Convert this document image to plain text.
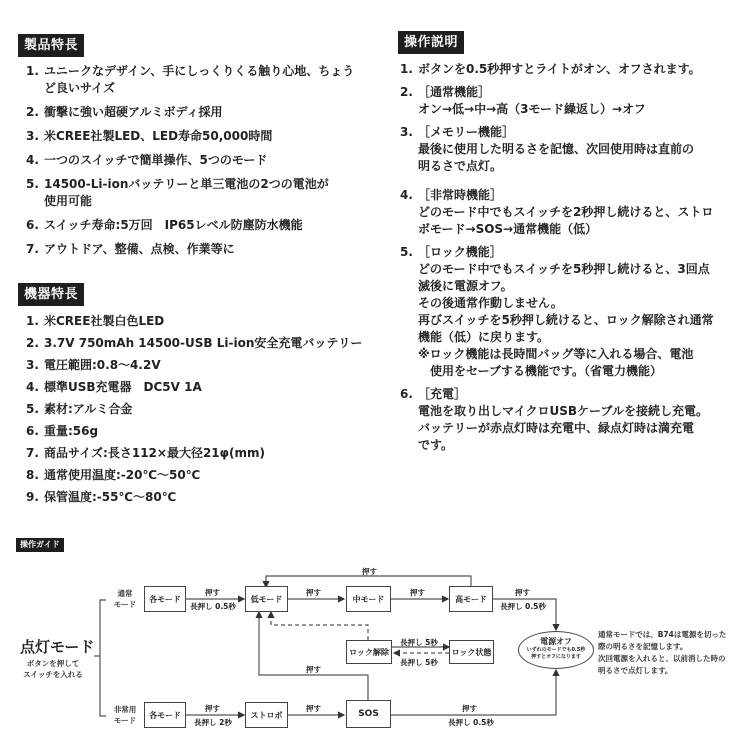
製品特長
1. ユニークなデザイン、手にしっくりくる触り心地、ちょう
ど良いサイズ
2. 衝撃に強い超硬アルミボディ採用
3. 米CREE社製LED、LED寿命50,000時間
4. 一つのスイッチで簡単操作、5つのモード
5. 14500-Li-ionバッテリーと単三電池の2つの電池が
使用可能
6. スイッチ寿命:5万回　IP65レベル防塵防水機能
7. アウトドア、整備、点検、作業等に
機器特長
1. 米CREE社製白色LED
2. 3.7V 750mAh 14500-USB Li-ion安全充電バッテリー
3. 電圧範囲:0.8～4.2V
4. 標準USB充電器　DC5V 1A
5. 素材:アルミ合金
6. 重量:56g
7. 商品サイズ:長さ112×最大径21φ(mm)
8. 通常使用温度:-20℃～50℃
9. 保管温度:-55℃～80℃
操作説明
1. ボタンを0.5秒押すとライトがオン、オフされます。
2. ［通常機能］
オン→低→中→高（3モード繰返し）→オフ
3. ［メモリー機能］
最後に使用した明るさを記憶、次回使用時は直前の
明るさで点灯。
4. ［非常時機能］
どのモード中でもスイッチを2秒押し続けると、ストロ
ボモード→SOS→通常機能（低）
5. ［ロック機能］
どのモード中でもスイッチを5秒押し続けると、3回点
滅後に電源オフ。
その後通常作動しません。
再びスイッチを5秒押し続けると、ロック解除され通常
機能（低）に戻ります。
※ロック機能は長時間バッグ等に入れる場合、電池
　使用をセーブする機能です。（省電力機能）
6. ［充電］
電池を取り出しマイクロUSBケーブルを接続し充電。
バッテリーが赤点灯時は充電中、緑点灯時は満充電
です。
操作ガイド
点灯モード
ボタンを押して
スイッチを入れる
通常
モード
非常用
モード
各モード	低モード	中モード	高モード
ロック解除	ロック状態
各モード	ストロボ	SOS
押す
長押し 0.5秒
押す	押す
押す
押す
長押し 0.5秒
長押し 5秒
長押し 5秒
押す
押す
長押し 2秒
押す	押す
長押し 0.5秒
電源オフ
いずれのモードでも0.5秒
押すとオフになります
通常モードでは、B74は電源を切った
際の明るさを記憶します。
次回電源を入れると、以前消した時の
明るさで点灯します。
